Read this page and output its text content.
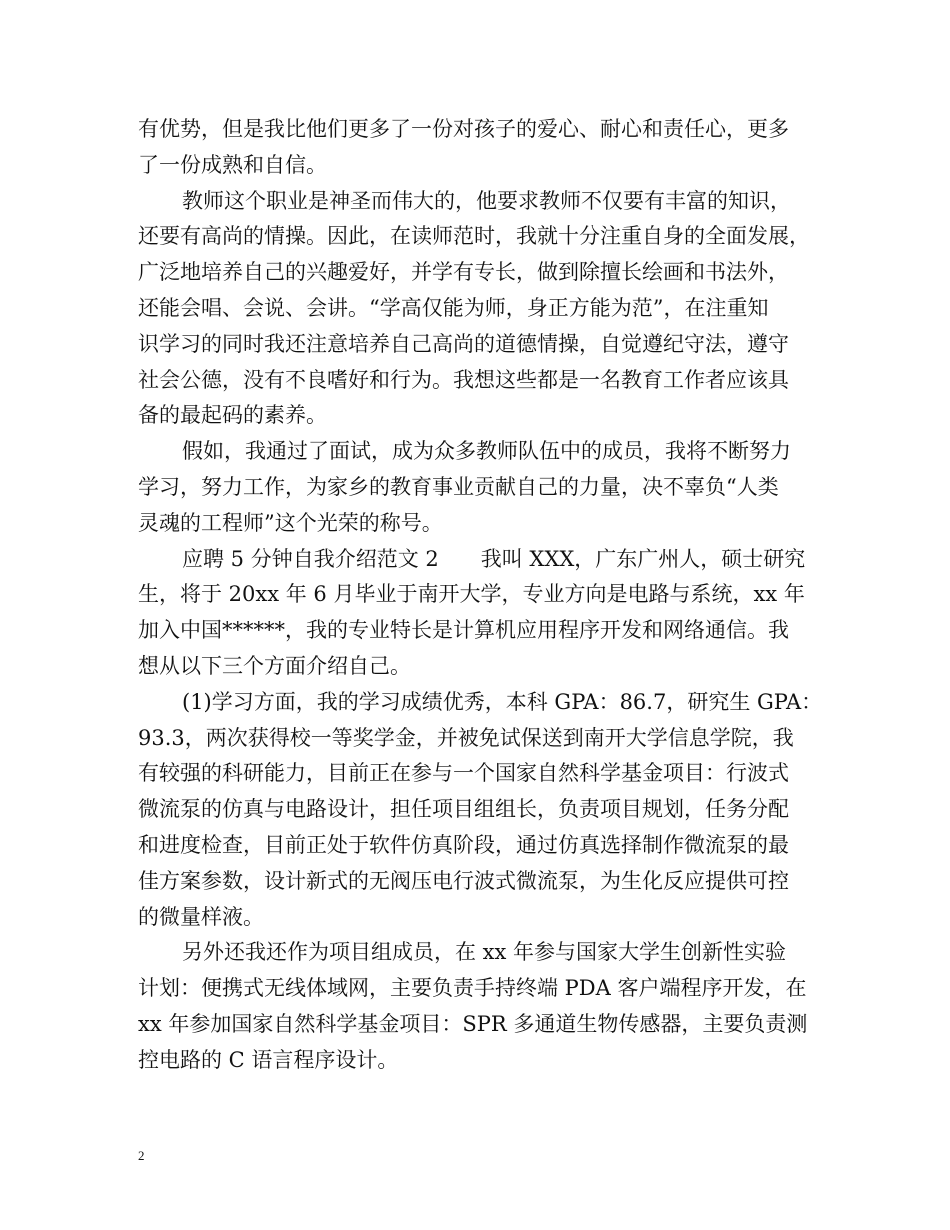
有优势，但是我比他们更多了一份对孩子的爱心、耐心和责任心，更多
了一份成熟和自信。
教师这个职业是神圣而伟大的，他要求教师不仅要有丰富的知识，
还要有高尚的情操。因此，在读师范时，我就十分注重自身的全面发展，
广泛地培养自己的兴趣爱好，并学有专长，做到除擅长绘画和书法外，
还能会唱、会说、会讲。“学高仅能为师，身正方能为范”，在注重知
识学习的同时我还注意培养自己高尚的道德情操，自觉遵纪守法，遵守
社会公德，没有不良嗜好和行为。我想这些都是一名教育工作者应该具
备的最起码的素养。
假如，我通过了面试，成为众多教师队伍中的成员，我将不断努力
学习，努力工作，为家乡的教育事业贡献自己的力量，决不辜负“人类
灵魂的工程师”这个光荣的称号。
应聘 5 分钟自我介绍范文 2　　我叫 XXX，广东广州人，硕士研究
生，将于 20xx 年 6 月毕业于南开大学，专业方向是电路与系统，xx 年
加入中国******，我的专业特长是计算机应用程序开发和网络通信。我
想从以下三个方面介绍自己。
(1)学习方面，我的学习成绩优秀，本科 GPA：86.7，研究生 GPA：
93.3，两次获得校一等奖学金，并被免试保送到南开大学信息学院，我
有较强的科研能力，目前正在参与一个国家自然科学基金项目：行波式
微流泵的仿真与电路设计，担任项目组组长，负责项目规划，任务分配
和进度检查，目前正处于软件仿真阶段，通过仿真选择制作微流泵的最
佳方案参数，设计新式的无阀压电行波式微流泵，为生化反应提供可控
的微量样液。
另外还我还作为项目组成员，在 xx 年参与国家大学生创新性实验
计划：便携式无线体域网，主要负责手持终端 PDA 客户端程序开发，在
xx 年参加国家自然科学基金项目：SPR 多通道生物传感器，主要负责测
控电路的 C 语言程序设计。
2
